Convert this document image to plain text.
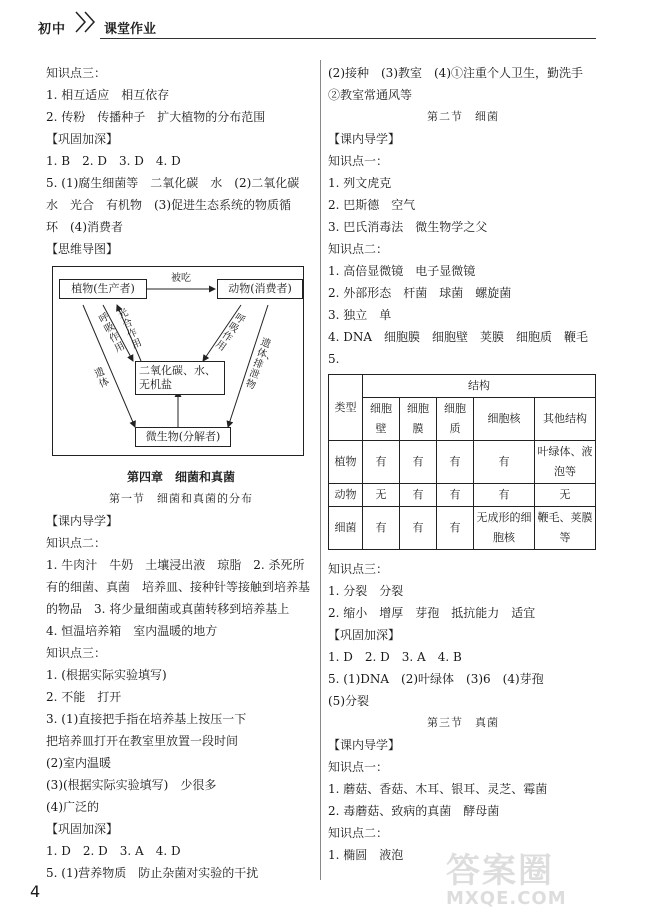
初中	课堂作业
知识点三：
1. 相互适应　相互依存
2. 传粉　传播种子　扩大植物的分布范围
【巩固加深】
1. B　2. D　3. D　4. D
5. (1)腐生细菌等　二氧化碳　水　(2)二氧化碳
水　光合　有机物　(3)促进生态系统的物质循
环　(4)消费者
【思维导图】
植物(生产者)	动物(消费者)
二氧化碳、水、无机盐
微生物(分解者)
被吃
光合作用
呼吸作用
呼吸作用
遗体
遗体、排泄物
第四章　细菌和真菌
第一节　细菌和真菌的分布
【课内导学】
知识点二：
1. 牛肉汁　牛奶　土壤浸出液　琼脂　2. 杀死所
有的细菌、真菌　培养皿、接种针等接触到培养基
的物品　3. 将少量细菌或真菌转移到培养基上
4. 恒温培养箱　室内温暖的地方
知识点三：
1. (根据实际实验填写)
2. 不能　打开
3. (1)直接把手指在培养基上按压一下
把培养皿打开在教室里放置一段时间
(2)室内温暖
(3)(根据实际实验填写)　少很多
(4)广泛的
【巩固加深】
1. D　2. D　3. A　4. D
5. (1)营养物质　防止杂菌对实验的干扰
(2)接种　(3)教室　(4)①注重个人卫生，勤洗手
②教室常通风等
第二节　细菌
【课内导学】
知识点一：
1. 列文虎克
2. 巴斯德　空气
3. 巴氏消毒法　微生物学之父
知识点二：
1. 高倍显微镜　电子显微镜
2. 外部形态　杆菌　球菌　螺旋菌
3. 独立　单
4. DNA　细胞膜　细胞壁　荚膜　细胞质　鞭毛
5.
类型	结构				
	细胞壁	细胞膜	细胞质	细胞核	其他结构
植物	有	有	有	有	叶绿体、液泡等
动物	无	有	有	有	无
细菌	有	有	有	无成形的细胞核	鞭毛、荚膜等
知识点三：
1. 分裂　分裂
2. 缩小　增厚　芽孢　抵抗能力　适宜
【巩固加深】
1. D　2. D　3. A　4. B
5. (1)DNA　(2)叶绿体　(3)6　(4)芽孢
(5)分裂
第三节　真菌
【课内导学】
知识点一：
1. 蘑菇、香菇、木耳、银耳、灵芝、霉菌
2. 毒蘑菇、致病的真菌　酵母菌
知识点二：
1. 椭圆　液泡
4
答案圈
MXQE.COM
